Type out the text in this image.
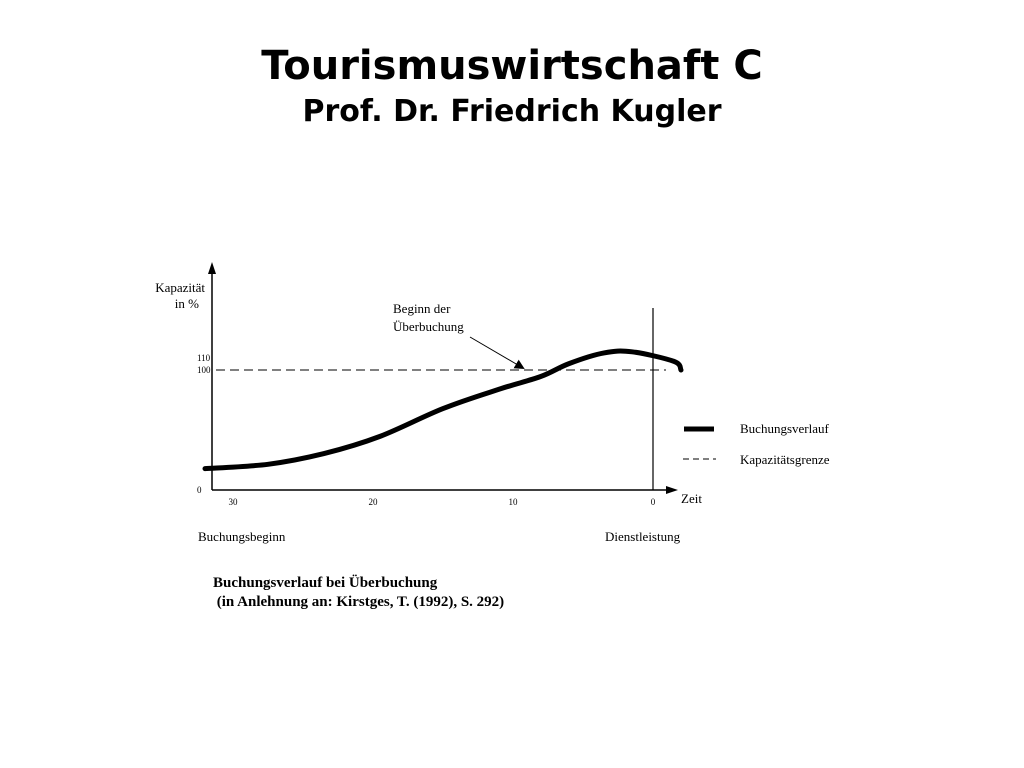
Tourismuswirtschaft C
Prof. Dr. Friedrich Kugler
Kapazität
in %
Zeit
0
100
110
30	20	10	0
Beginn der
Überbuchung
Buchungsbeginn	Dienstleistung
Buchungsverlauf
Kapazitätsgrenze
Buchungsverlauf bei Überbuchung
(in Anlehnung an: Kirstges, T. (1992), S. 292)
